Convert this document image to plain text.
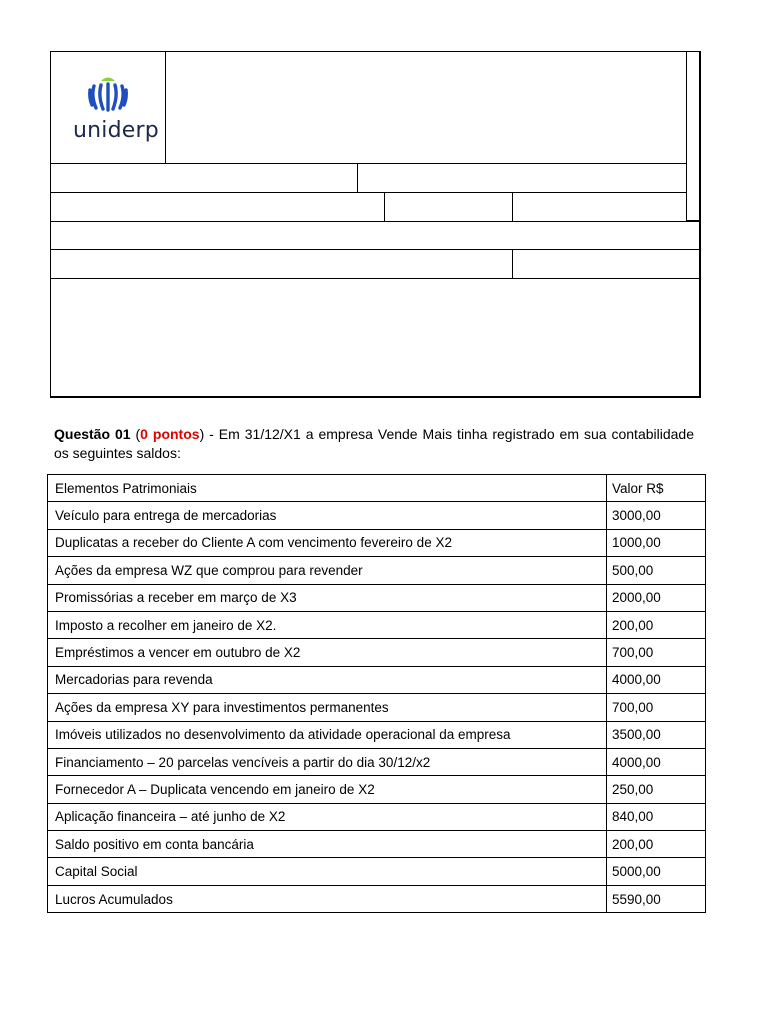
uniderp
Questão 01 (0 pontos) - Em 31/12/X1 a empresa Vende Mais tinha registrado em sua contabilidade os seguintes saldos:
Elementos Patrimoniais	Valor R$
Veículo para entrega de mercadorias	3000,00
Duplicatas a receber do Cliente A com vencimento fevereiro de X2	1000,00
Ações da empresa WZ que comprou para revender	500,00
Promissórias a receber em março de X3	2000,00
Imposto a recolher em janeiro de X2.	200,00
Empréstimos a vencer em outubro de X2	700,00
Mercadorias para revenda	4000,00
Ações da empresa XY para investimentos permanentes	700,00
Imóveis utilizados no desenvolvimento da atividade operacional da empresa	3500,00
Financiamento – 20 parcelas vencíveis a partir do dia 30/12/x2	4000,00
Fornecedor A – Duplicata vencendo em janeiro de X2	250,00
Aplicação financeira – até junho de X2	840,00
Saldo positivo em conta bancária	200,00
Capital Social	5000,00
Lucros Acumulados	5590,00
